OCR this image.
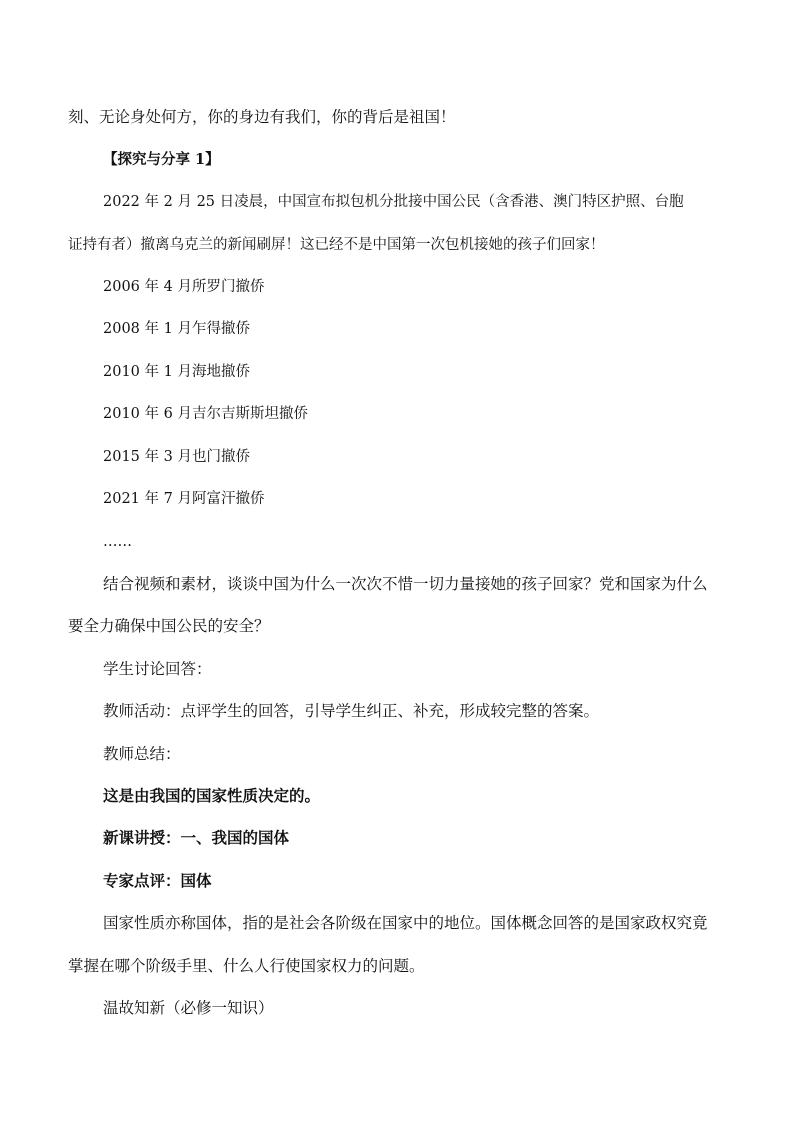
刻、无论身处何方，你的身边有我们，你的背后是祖国！
【探究与分享 1】
2022 年 2 月 25 日凌晨，中国宣布拟包机分批接中国公民（含香港、澳门特区护照、台胞
证持有者）撤离乌克兰的新闻刷屏！这已经不是中国第一次包机接她的孩子们回家！
2006 年 4 月所罗门撤侨
2008 年 1 月乍得撤侨
2010 年 1 月海地撤侨
2010 年 6 月吉尔吉斯斯坦撤侨
2015 年 3 月也门撤侨
2021 年 7 月阿富汗撤侨
……
结合视频和素材，谈谈中国为什么一次次不惜一切力量接她的孩子回家？党和国家为什么
要全力确保中国公民的安全？
学生讨论回答：
教师活动：点评学生的回答，引导学生纠正、补充，形成较完整的答案。
教师总结：
这是由我国的国家性质决定的。
新课讲授：一、我国的国体
专家点评：国体
国家性质亦称国体，指的是社会各阶级在国家中的地位。国体概念回答的是国家政权究竟
掌握在哪个阶级手里、什么人行使国家权力的问题。
温故知新（必修一知识）
